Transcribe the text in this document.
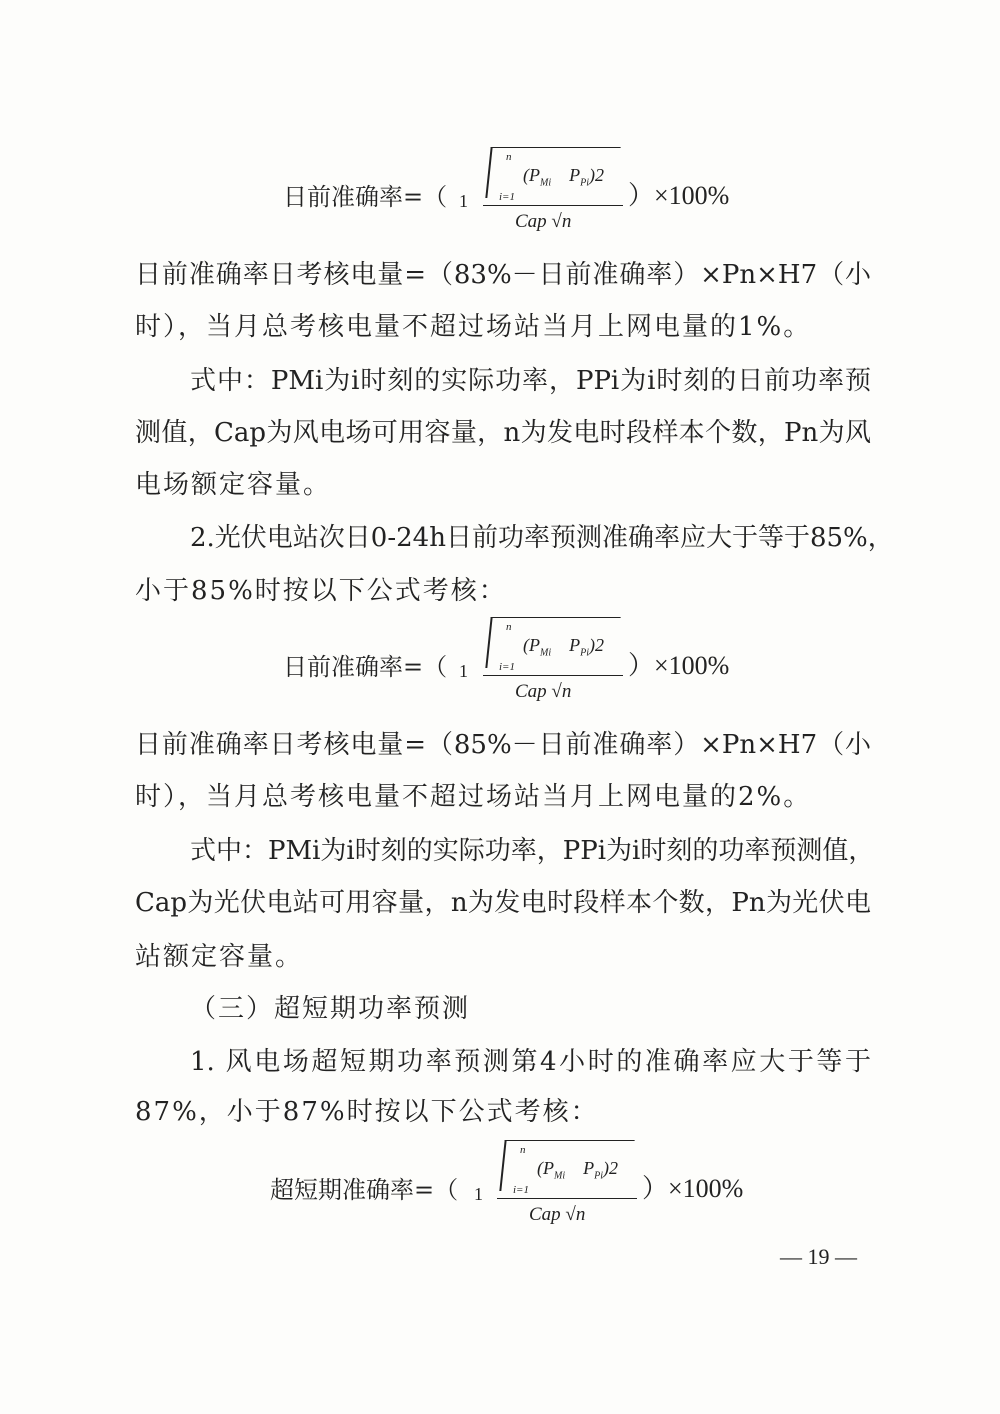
日前准确率=（ 1
n
i=1
($P_{Mi}$ $P_{Pi})2$
Cap √n
）×100%
日前准确率日考核电量=（83%－日前准确率）×Pn×H7（小
时），当月总考核电量不超过场站当月上网电量的1%。
式中：PMi为i时刻的实际功率，PPi为i时刻的日前功率预
测值，Cap为风电场可用容量，n为发电时段样本个数，Pn为风
电场额定容量。
2.光伏电站次日0-24h日前功率预测准确率应大于等于85%，
小于85%时按以下公式考核：
日前准确率=（ 1
n
i=1
($P_{Mi}$ $P_{Pi})2$
Cap √n
）×100%
日前准确率日考核电量=（85%－日前准确率）×Pn×H7（小
时），当月总考核电量不超过场站当月上网电量的2%。
式中：PMi为i时刻的实际功率，PPi为i时刻的功率预测值，
Cap为光伏电站可用容量，n为发电时段样本个数，Pn为光伏电
站额定容量。
（三）超短期功率预测
1. 风电场超短期功率预测第4小时的准确率应大于等于
87%，小于87%时按以下公式考核：
超短期准确率=（ 1
n
i=1
($P_{Mi}$ $P_{Pi})2$
Cap √n
）×100%
— 19 —
